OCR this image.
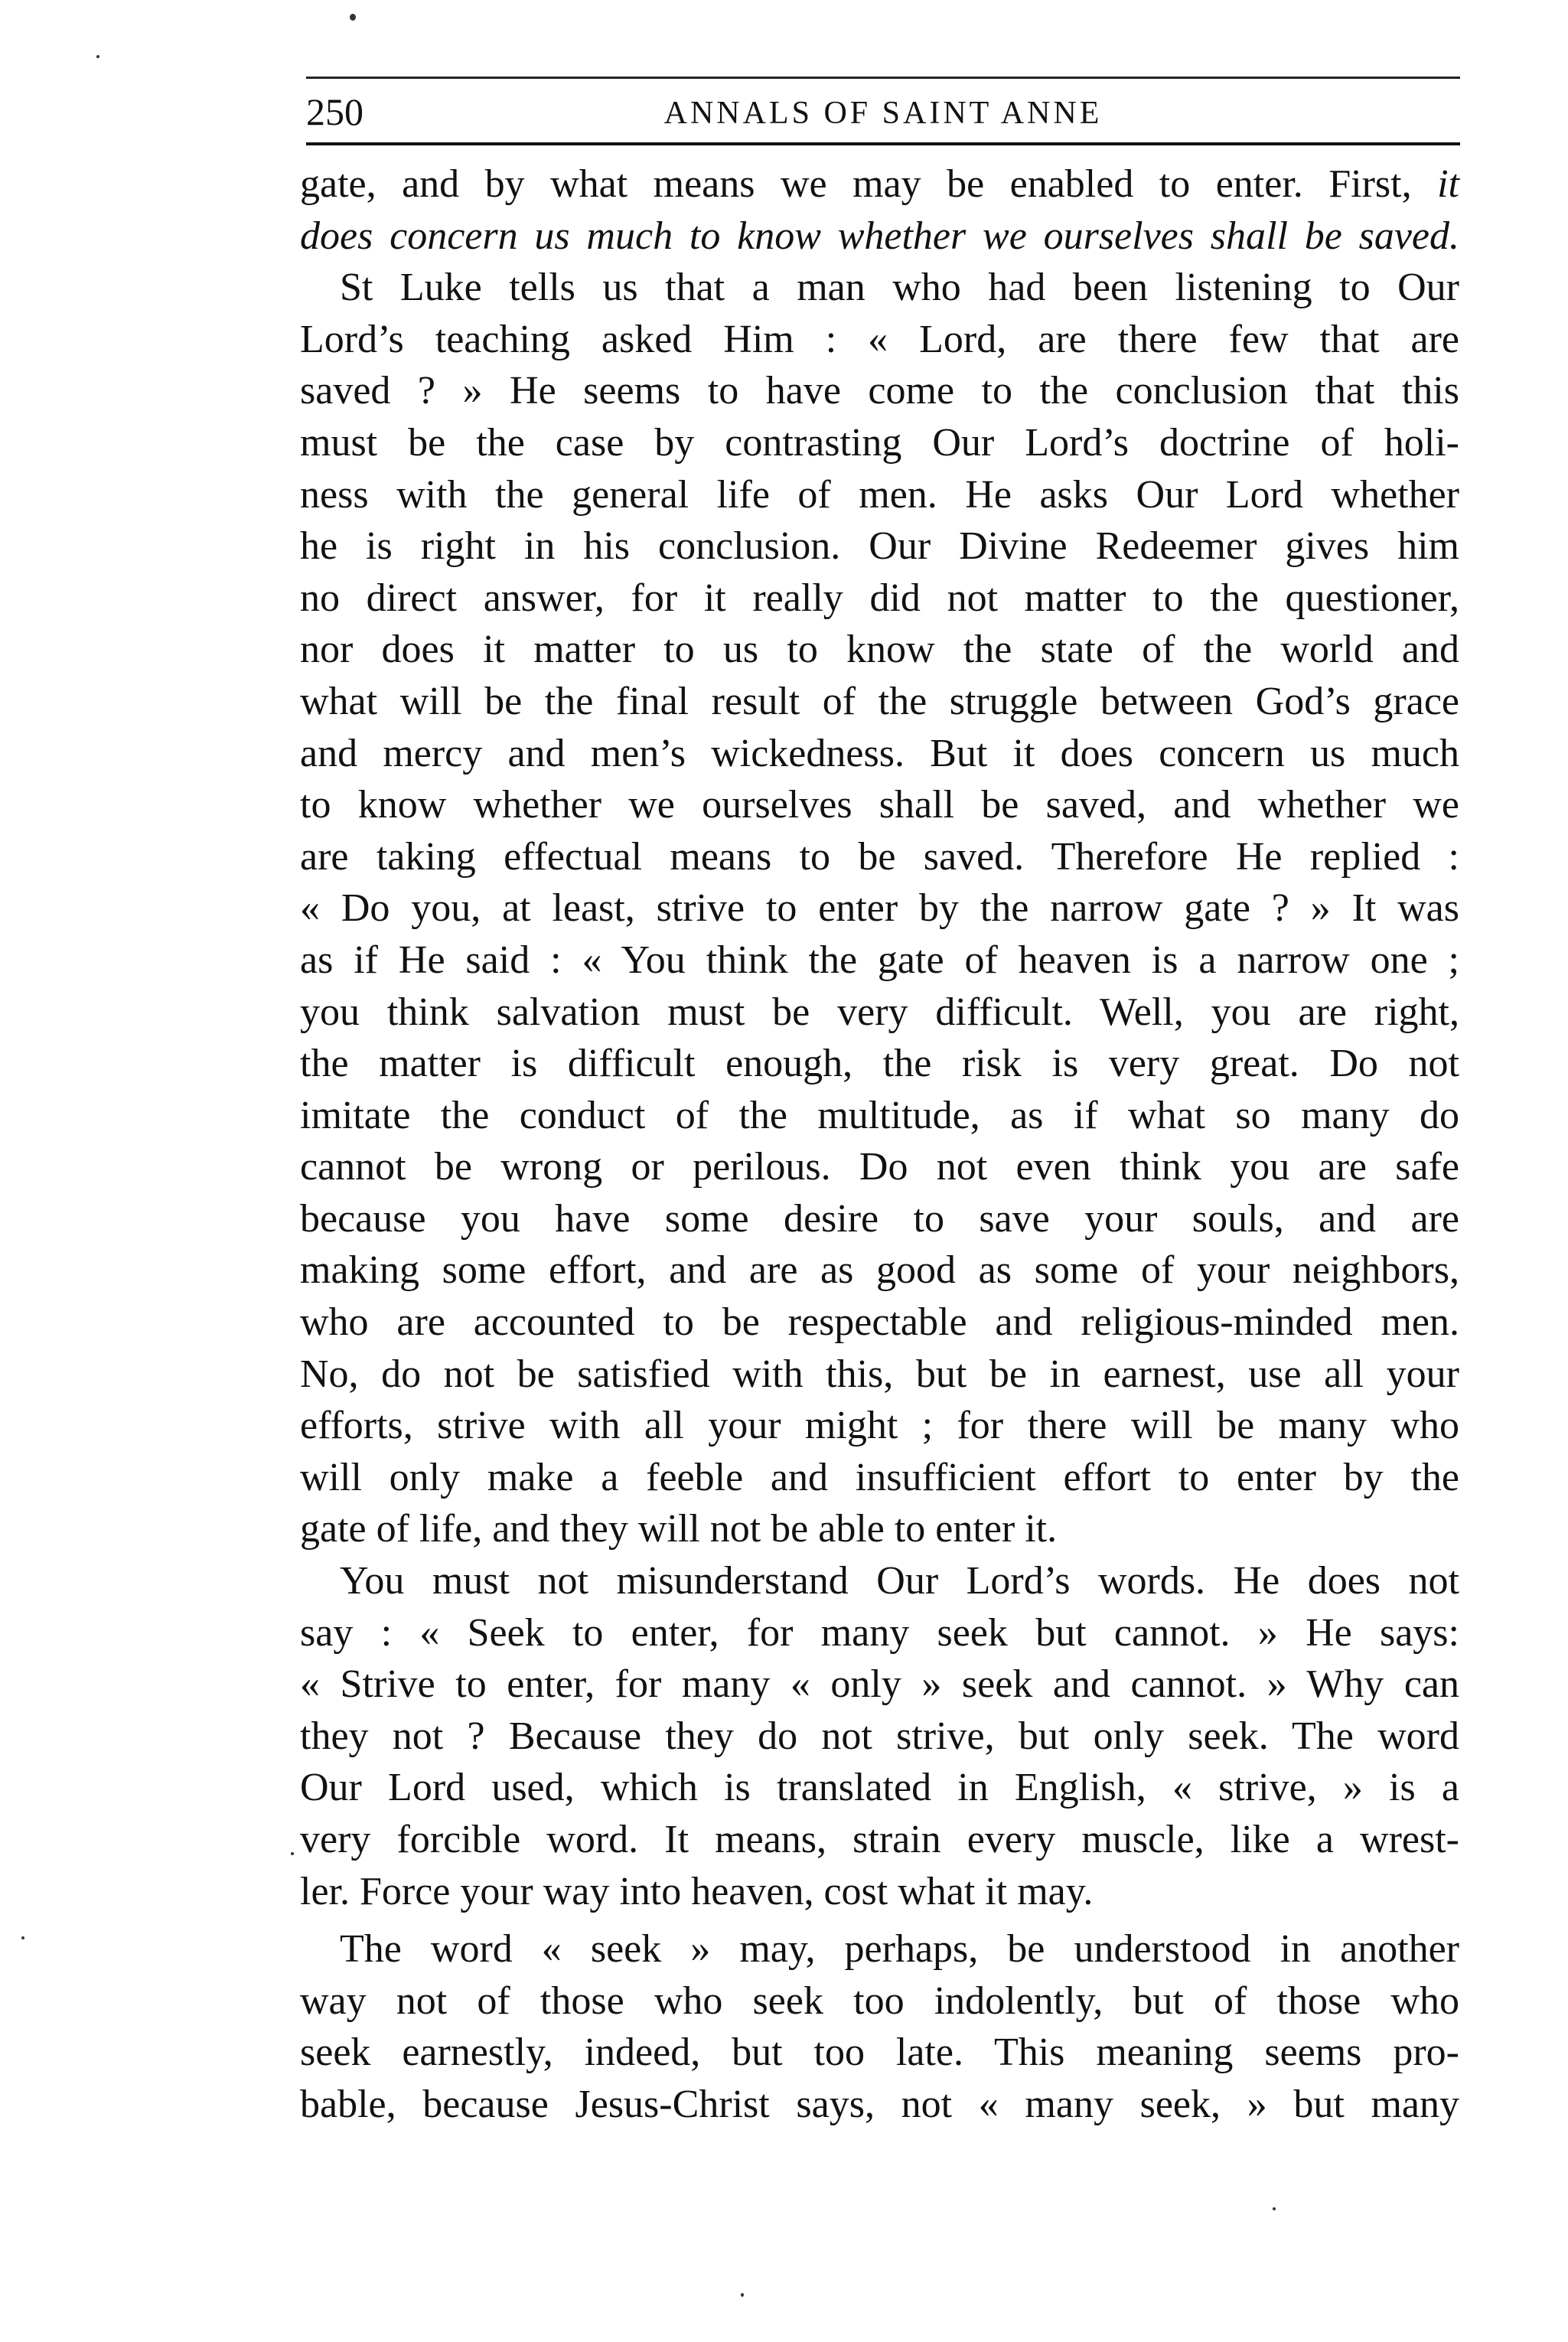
250	ANNALS OF SAINT ANNE
gate, and by what means we may be enabled to enter. First, it
does concern us much to know whether we ourselves shall be saved.
St Luke tells us that a man who had been listening to Our
Lord’s teaching asked Him : « Lord, are there few that are
saved ? » He seems to have come to the conclusion that this
must be the case by contrasting Our Lord’s doctrine of holi-
ness with the general life of men. He asks Our Lord whether
he is right in his conclusion. Our Divine Redeemer gives him
no direct answer, for it really did not matter to the questioner,
nor does it matter to us to know the state of the world and
what will be the final result of the struggle between God’s grace
and mercy and men’s wickedness. But it does concern us much
to know whether we ourselves shall be saved, and whether we
are taking effectual means to be saved. Therefore He replied :
« Do you, at least, strive to enter by the narrow gate ? » It was
as if He said : « You think the gate of heaven is a narrow one ;
you think salvation must be very difficult. Well, you are right,
the matter is difficult enough, the risk is very great. Do not
imitate the conduct of the multitude, as if what so many do
cannot be wrong or perilous. Do not even think you are safe
because you have some desire to save your souls, and are
making some effort, and are as good as some of your neighbors,
who are accounted to be respectable and religious-minded men.
No, do not be satisfied with this, but be in earnest, use all your
efforts, strive with all your might ; for there will be many who
will only make a feeble and insufficient effort to enter by the
gate of life, and they will not be able to enter it.
You must not misunderstand Our Lord’s words. He does not
say : « Seek to enter, for many seek but cannot. » He says:
« Strive to enter, for many « only » seek and cannot. » Why can
they not ? Because they do not strive, but only seek. The word
Our Lord used, which is translated in English, « strive, » is a
very forcible word. It means, strain every muscle, like a wrest-
ler. Force your way into heaven, cost what it may.
The word « seek » may, perhaps, be understood in another
way not of those who seek too indolently, but of those who
seek earnestly, indeed, but too late. This meaning seems pro-
bable, because Jesus-Christ says, not « many seek, » but many
